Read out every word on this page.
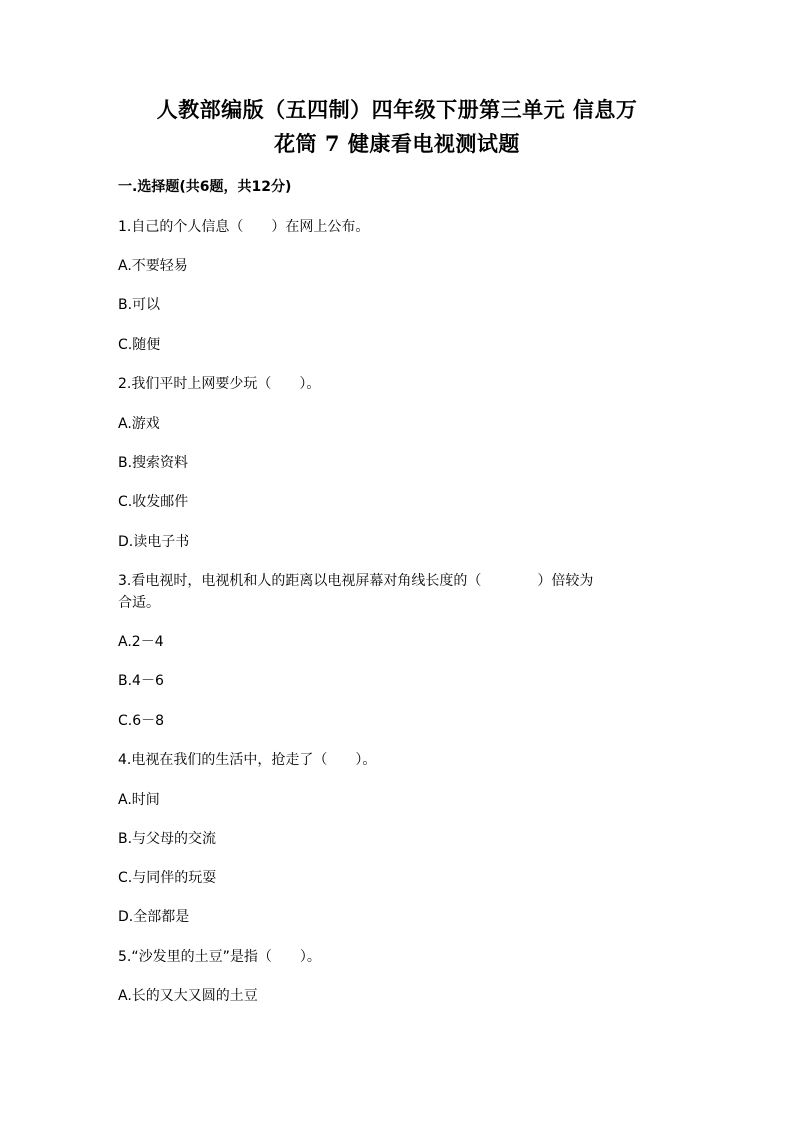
人教部编版（五四制）四年级下册第三单元 信息万
花筒 7 健康看电视测试题
一.选择题(共6题，共12分)
1.自己的个人信息（　　）在网上公布。
A.不要轻易
B.可以
C.随便
2.我们平时上网要少玩（　　）。
A.游戏
B.搜索资料
C.收发邮件
D.读电子书
3.看电视时，电视机和人的距离以电视屏幕对角线长度的（　　　　）倍较为
合适。
A.2－4
B.4－6
C.6－8
4.电视在我们的生活中，抢走了（　　）。
A.时间
B.与父母的交流
C.与同伴的玩耍
D.全部都是
5.“沙发里的土豆”是指（　　）。
A.长的又大又圆的土豆
